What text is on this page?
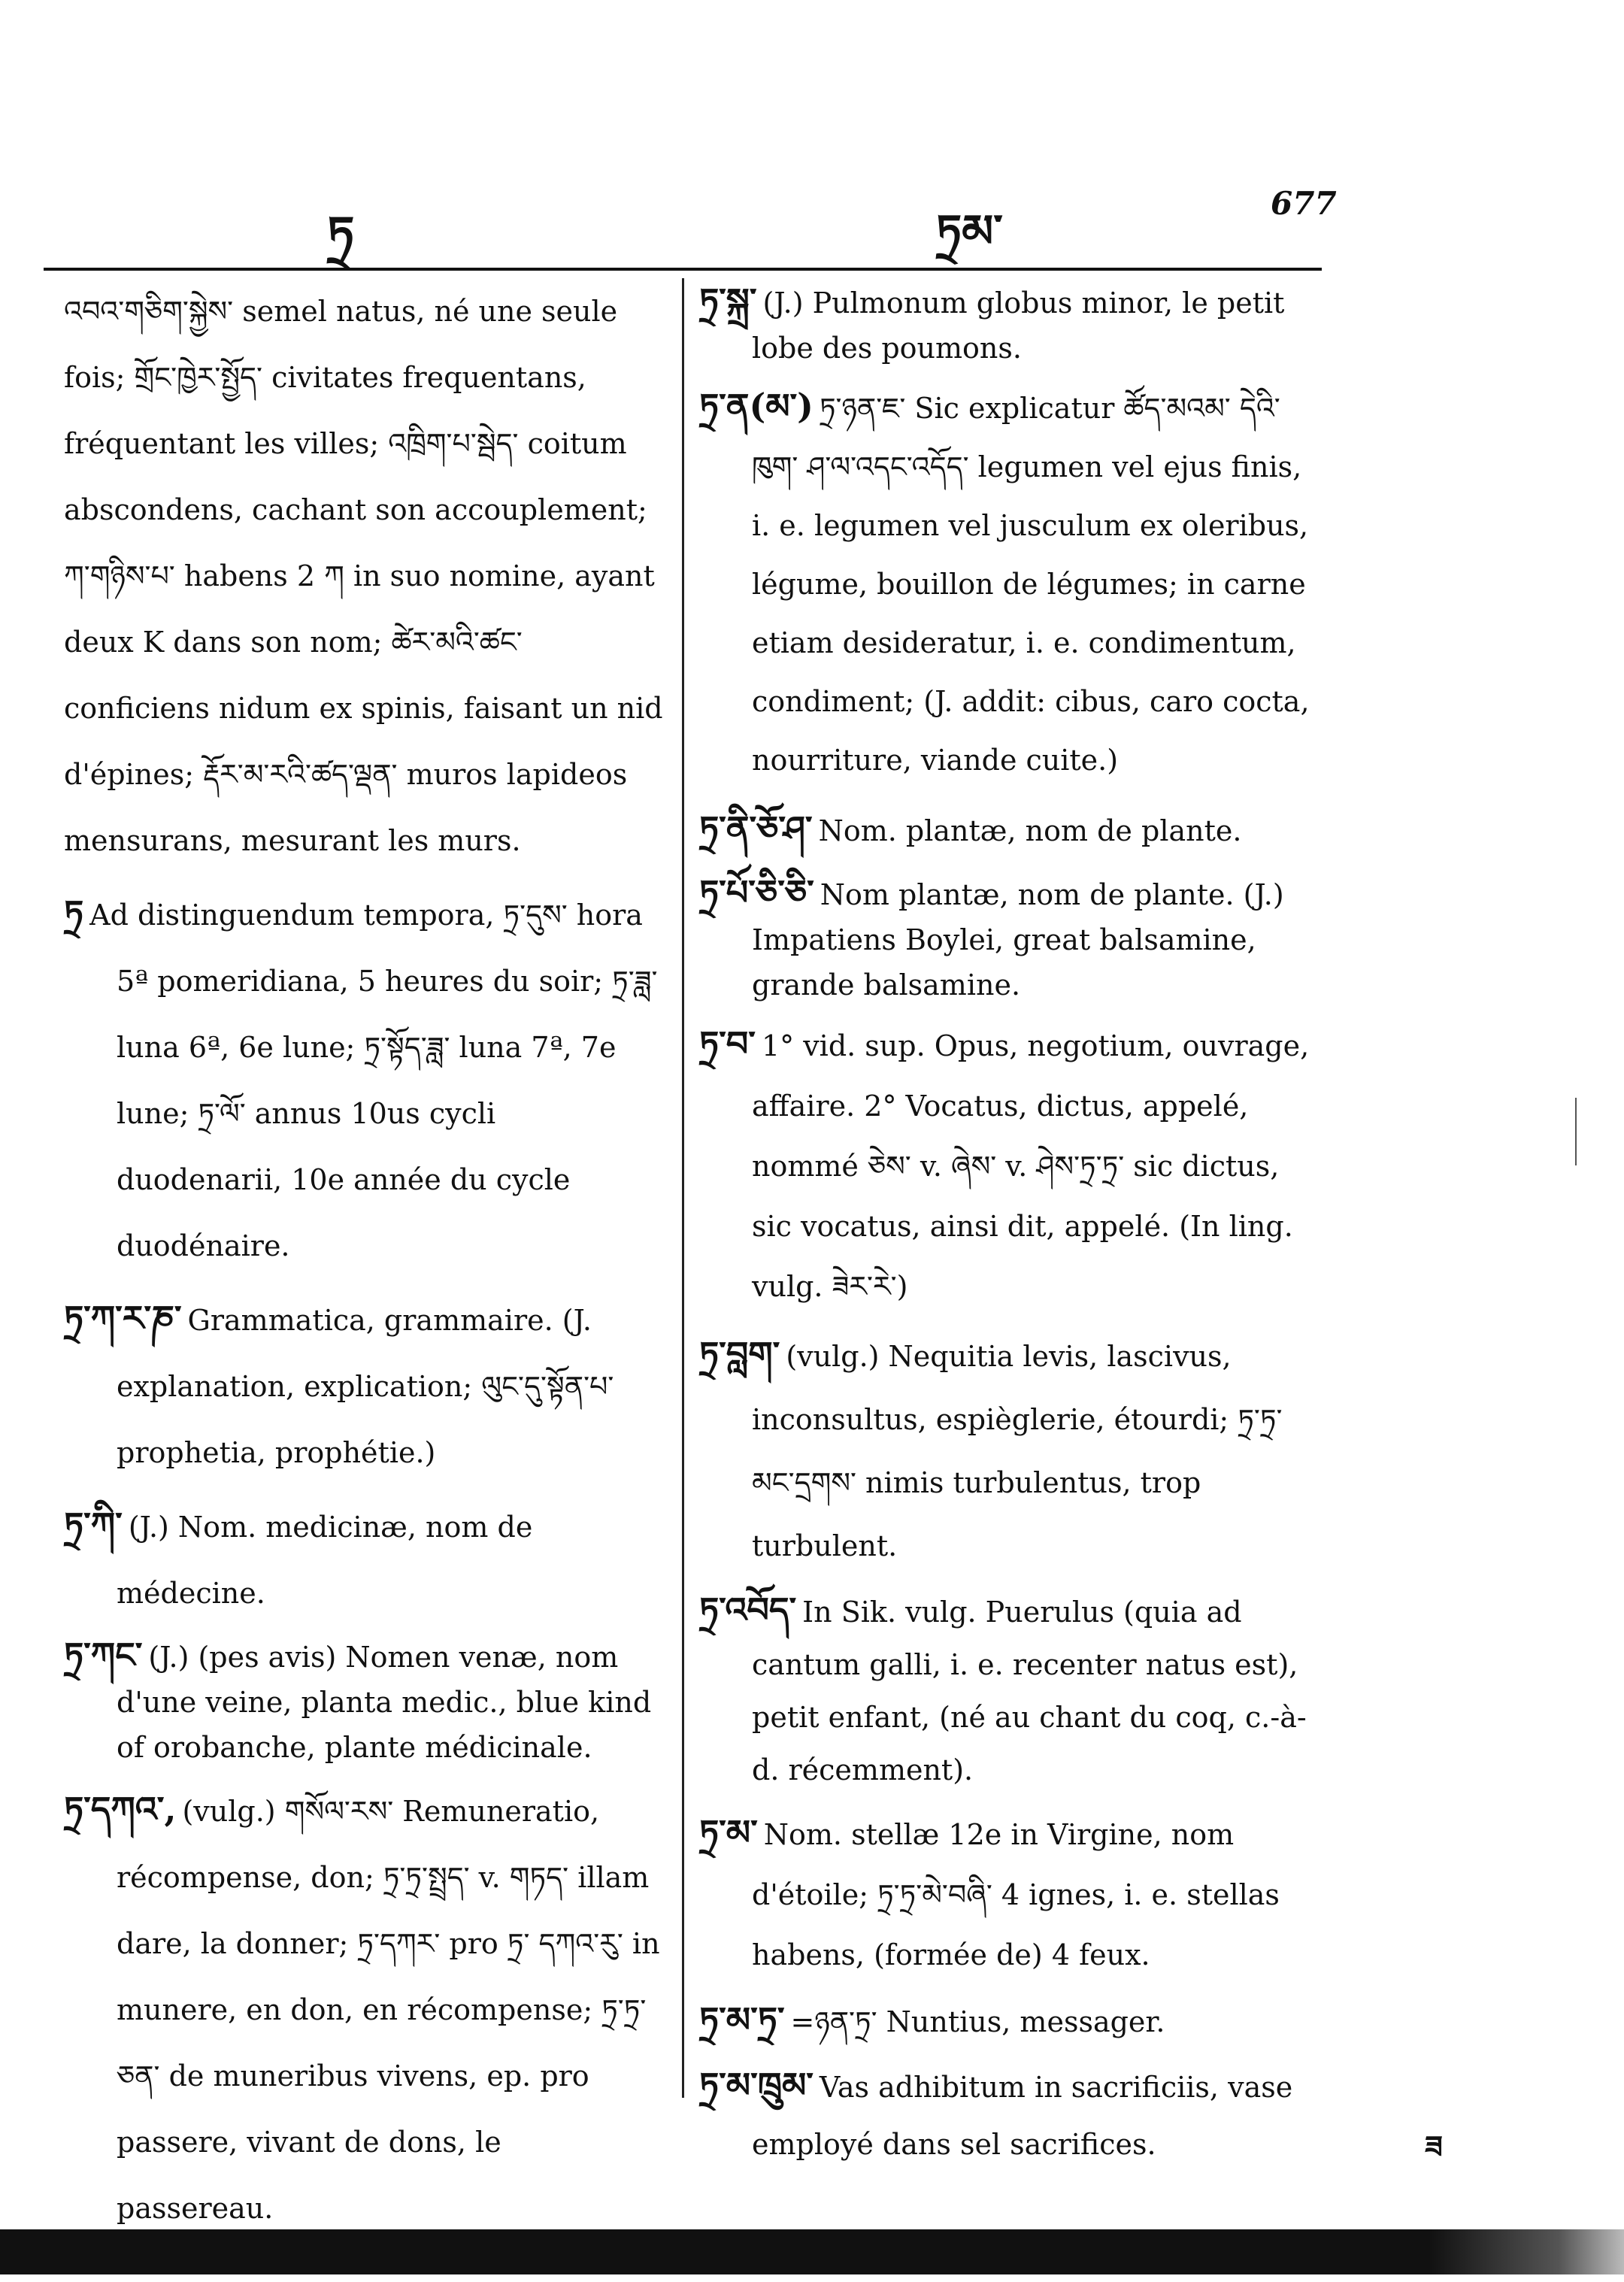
ཏྲ	ཏྲམ་
677

འབའ་གཅིག་སྐྱེས་ semel natus, né une seule fois; གྲོང་ཁྱེར་སྤྱོད་ civitates frequentans, fréquentant les villes; འཁྲིག་པ་སྦེད་ coitum abscondens, cachant son accouplement; ཀ་གཉིས་པ་ habens 2 ཀ in suo nomine, ayant deux K dans son nom; ཚེར་མའི་ཚང་ conficiens nidum ex spinis, faisant un nid d'épines; རྡོར་མ་རའི་ཚད་ལྡན་ muros lapideos mensurans, mesurant les murs.

ཏྲ Ad distinguendum tempora, ཏྲ་དུས་ hora 5ª pomeridiana, 5 heures du soir; ཏྲ་ཟླ་ luna 6ª, 6e lune; ཏྲ་སྟོད་ཟླ་ luna 7ª, 7e lune; ཏྲ་ལོ་ annus 10us cycli duodenarii, 10e année du cycle duodénaire.

ཏྲ་ཀ་ར་ཎ་ Grammatica, grammaire. (J. explanation, explication; ལུང་དུ་སྟོན་པ་ prophetia, prophétie.)

ཏྲ་ཀི་ (J.) Nom. medicinæ, nom de médecine.

ཏྲ་ཀང་ (J.) (pes avis) Nomen venæ, nom d'une veine, planta medic., blue kind of orobanche, plante médicinale.

ཏྲ་དཀའ་, (vulg.) གསོལ་རས་ Remuneratio, récompense, don; ཏྲ་ཏྲ་སྤྲད་ v. གཏད་ illam dare, la donner; ཏྲ་དཀར་ pro ཏྲ་ དཀའ་རུ་ in munere, en don, en récompense; ཏྲ་ཏྲ་ཅན་ de muneribus vivens, ep. pro passere, vivant de dons, le passereau.

ཏྲ་སྐྲ་ (J.) Pulmonum globus minor, le petit lobe des poumons.

ཏྲ་ན(མ་) ཏྲ་ཉན་ཇ་ Sic explicatur ཚོད་མའམ་ དེའི་ཁུག་ ཤ་ལ་འདང་འདོད་ legumen vel ejus finis, i. e. legumen vel jusculum ex oleribus, légume, bouillon de légumes; in carne etiam desideratur, i. e. condimentum, condiment; (J. addit: cibus, caro cocta, nourriture, viande cuite.)

ཏྲ་ནི་ཅོ་ཤ་ Nom. plantæ, nom de plante.

ཏྲ་པོ་ཅི་ཅི་ Nom plantæ, nom de plante. (J.) Impatiens Boylei, great balsamine, grande balsamine.

ཏྲ་བ་ 1° vid. sup. Opus, negotium, ouvrage, affaire. 2° Vocatus, dictus, appelé, nommé ཅེས་ v. ཞེས་ v. ཤེས་ཏྲ་ཏྲ་ sic dictus, sic vocatus, ainsi dit, appelé. (In ling. vulg. ཟེར་རེ་)

ཏྲ་བླག་ (vulg.) Nequitia levis, lascivus, inconsultus, espièglerie, étourdi; ཏྲ་ཏྲ་ མང་དྲགས་ nimis turbulentus, trop turbulent.

ཏྲ་འབོད་ In Sik. vulg. Puerulus (quia ad cantum galli, i. e. recenter natus est), petit enfant, (né au chant du coq, c.-à-d. récemment).

ཏྲ་མ་ Nom. stellæ 12e in Virgine, nom d'étoile; ཏྲ་ཏྲ་མེ་བཞི་ 4 ignes, i. e. stellas habens, (formée de) 4 feux.

ཏྲ་མ་ཏྲ་ =ཉན་ཏྲ་ Nuntius, messager.

ཏྲ་མ་ཁྲུམ་ Vas adhibitum in sacrificiis, vase employé dans sel sacrifices.	ཟ
